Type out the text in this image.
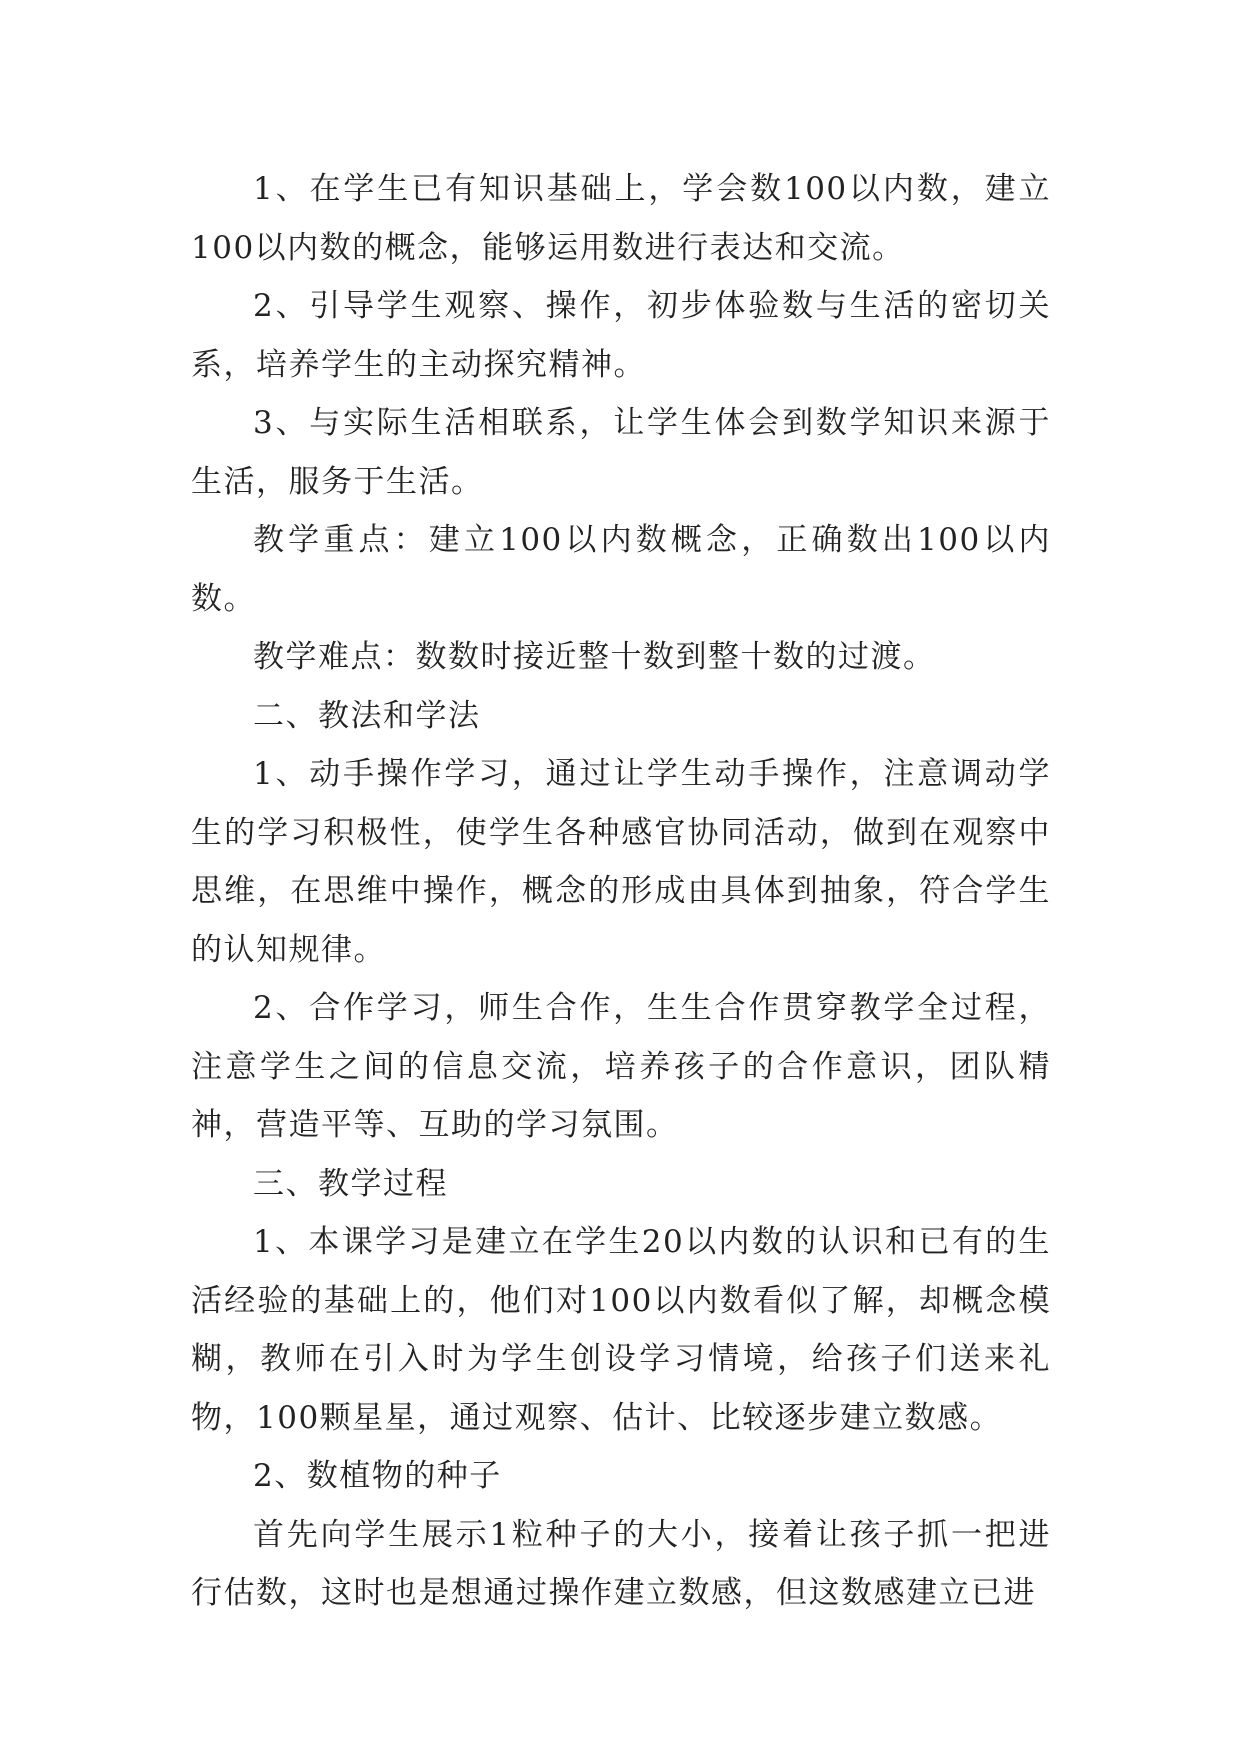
1、在学生已有知识基础上，学会数100以内数，建立100以内数的概念，能够运用数进行表达和交流。

2、引导学生观察、操作，初步体验数与生活的密切关系，培养学生的主动探究精神。

3、与实际生活相联系，让学生体会到数学知识来源于生活，服务于生活。

教学重点：建立100以内数概念，正确数出100以内数。

教学难点：数数时接近整十数到整十数的过渡。

二、教法和学法

1、动手操作学习，通过让学生动手操作，注意调动学生的学习积极性，使学生各种感官协同活动，做到在观察中思维，在思维中操作，概念的形成由具体到抽象，符合学生的认知规律。

2、合作学习，师生合作，生生合作贯穿教学全过程，注意学生之间的信息交流，培养孩子的合作意识，团队精神，营造平等、互助的学习氛围。

三、教学过程

1、本课学习是建立在学生20以内数的认识和已有的生活经验的基础上的，他们对100以内数看似了解，却概念模糊，教师在引入时为学生创设学习情境，给孩子们送来礼物，100颗星星，通过观察、估计、比较逐步建立数感。

2、数植物的种子

首先向学生展示1粒种子的大小，接着让孩子抓一把进行估数，这时也是想通过操作建立数感，但这数感建立已进
